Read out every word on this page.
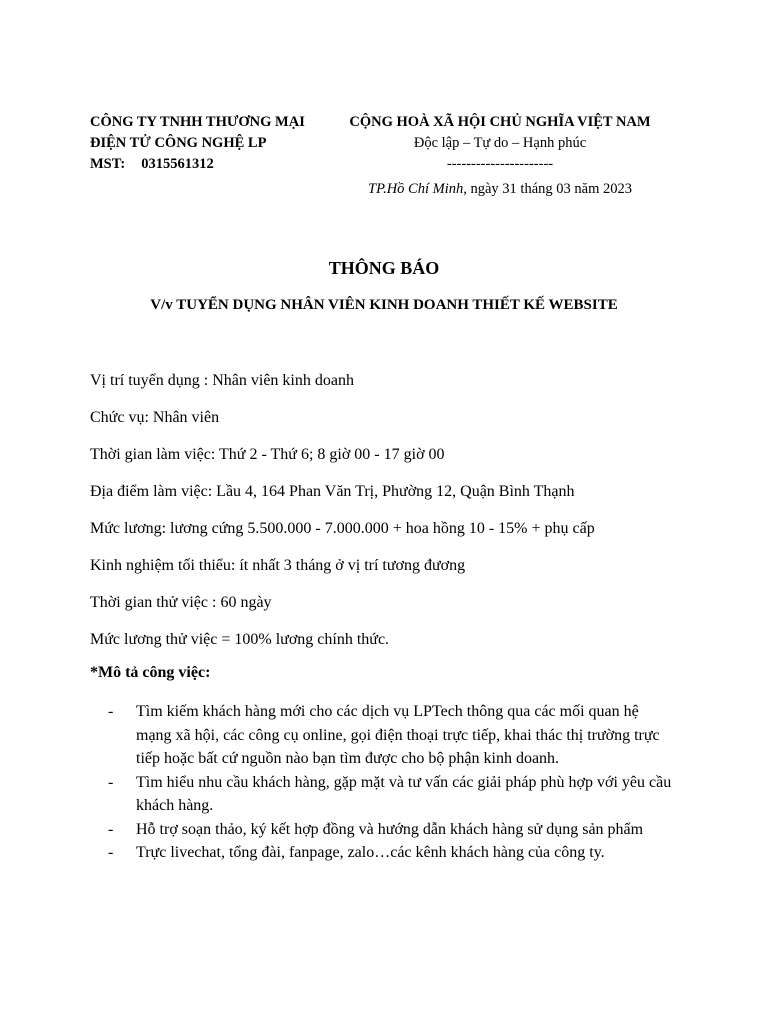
CÔNG TY TNHH THƯƠNG MẠI
ĐIỆN TỬ CÔNG NGHỆ LP
MST: 0315561312
CỘNG HOÀ XÃ HỘI CHỦ NGHĨA VIỆT NAM
Độc lập – Tự do – Hạnh phúc
----------------------
TP.Hồ Chí Minh, ngày 31 tháng 03 năm 2023
THÔNG BÁO
V/v TUYỂN DỤNG NHÂN VIÊN KINH DOANH THIẾT KẾ WEBSITE
Vị trí tuyển dụng : Nhân viên kinh doanh
Chức vụ: Nhân viên
Thời gian làm việc: Thứ 2 - Thứ 6; 8 giờ 00 - 17 giờ 00
Địa điểm làm việc: Lầu 4, 164 Phan Văn Trị, Phường 12, Quận Bình Thạnh
Mức lương: lương cứng 5.500.000 - 7.000.000 + hoa hồng 10 - 15% + phụ cấp
Kinh nghiệm tối thiểu: ít nhất 3 tháng ở vị trí tương đương
Thời gian thử việc : 60 ngày
Mức lương thử việc = 100% lương chính thức.
*Mô tả công việc:
- Tìm kiếm khách hàng mới cho các dịch vụ LPTech thông qua các mối quan hệ mạng xã hội, các công cụ online, gọi điện thoại trực tiếp, khai thác thị trường trực tiếp hoặc bất cứ nguồn nào bạn tìm được cho bộ phận kinh doanh.
- Tìm hiểu nhu cầu khách hàng, gặp mặt và tư vấn các giải pháp phù hợp với yêu cầu khách hàng.
- Hỗ trợ soạn thảo, ký kết hợp đồng và hướng dẫn khách hàng sử dụng sản phẩm
- Trực livechat, tổng đài, fanpage, zalo…các kênh khách hàng của công ty.
